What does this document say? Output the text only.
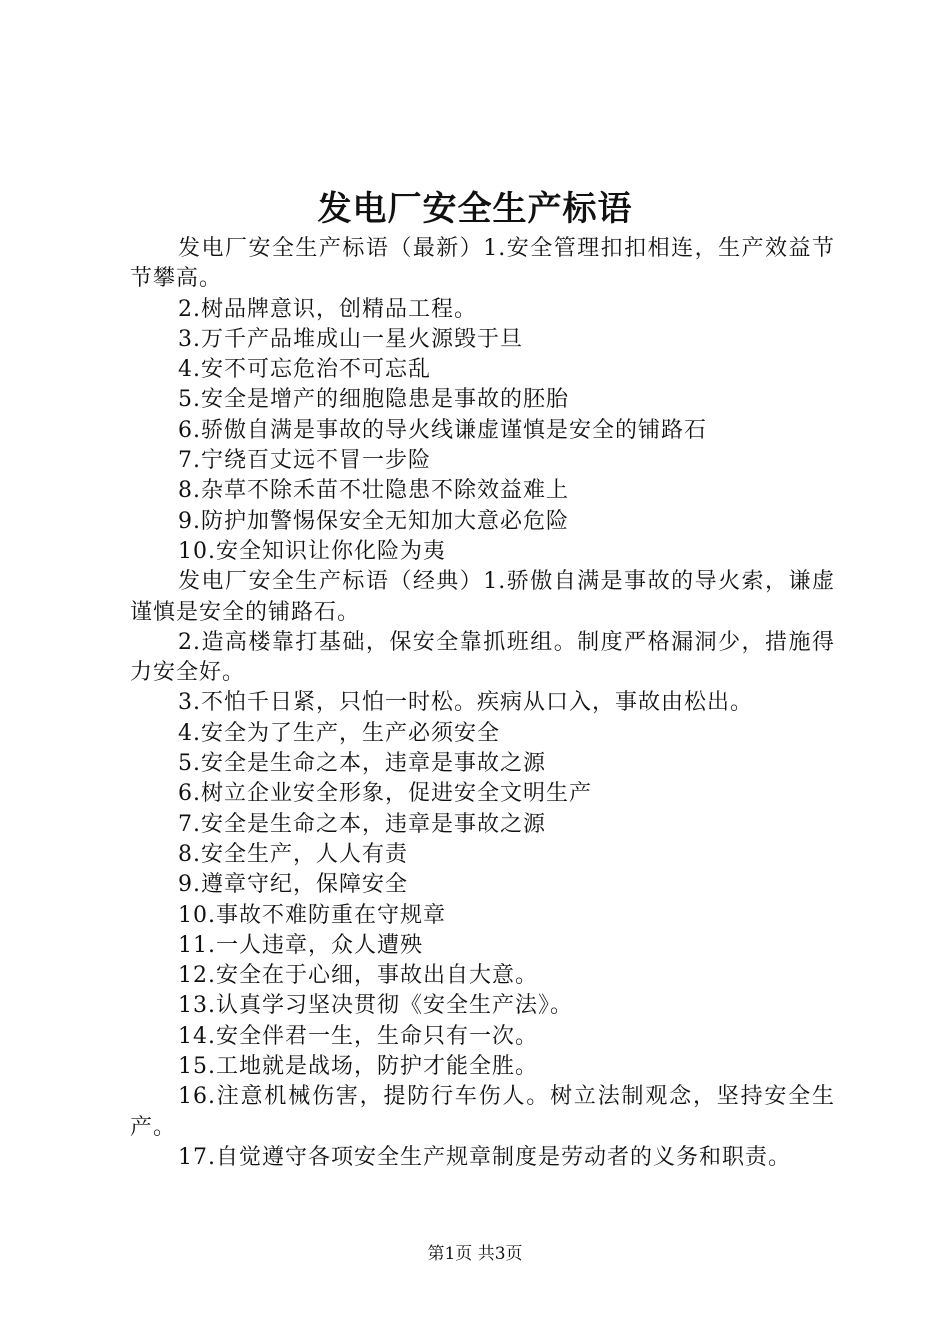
发电厂安全生产标语

发电厂安全生产标语（最新）1.安全管理扣扣相连，生产效益节节攀高。

2.树品牌意识，创精品工程。

3.万千产品堆成山一星火源毁于旦

4.安不可忘危治不可忘乱

5.安全是增产的细胞隐患是事故的胚胎

6.骄傲自满是事故的导火线谦虚谨慎是安全的铺路石

7.宁绕百丈远不冒一步险

8.杂草不除禾苗不壮隐患不除效益难上

9.防护加警惕保安全无知加大意必危险

10.安全知识让你化险为夷

发电厂安全生产标语（经典）1.骄傲自满是事故的导火索，谦虚谨慎是安全的铺路石。

2.造高楼靠打基础，保安全靠抓班组。制度严格漏洞少，措施得力安全好。

3.不怕千日紧，只怕一时松。疾病从口入，事故由松出。

4.安全为了生产，生产必须安全

5.安全是生命之本，违章是事故之源

6.树立企业安全形象，促进安全文明生产

7.安全是生命之本，违章是事故之源

8.安全生产，人人有责

9.遵章守纪，保障安全

10.事故不难防重在守规章

11.一人违章，众人遭殃

12.安全在于心细，事故出自大意。

13.认真学习坚决贯彻《安全生产法》。

14.安全伴君一生，生命只有一次。

15.工地就是战场，防护才能全胜。

16.注意机械伤害，提防行车伤人。树立法制观念，坚持安全生产。

17.自觉遵守各项安全生产规章制度是劳动者的义务和职责。

第1页 共3页
